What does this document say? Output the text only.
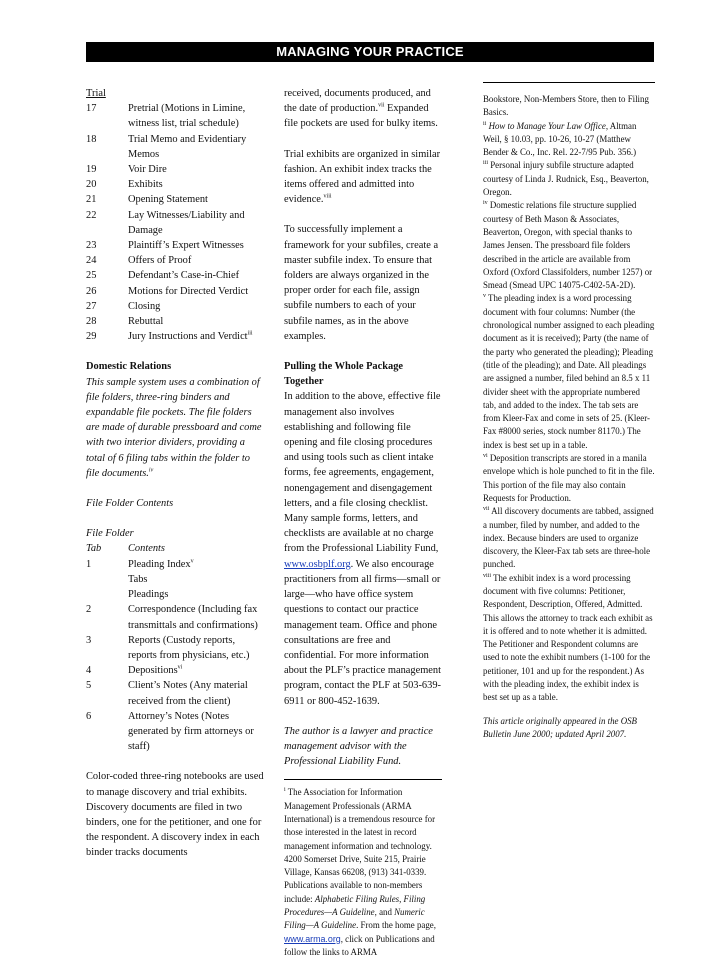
MANAGING YOUR PRACTICE
Trial
17	Pretrial (Motions in Limine, witness list, trial schedule)
18	Trial Memo and Evidentiary Memos
19	Voir Dire
20	Exhibits
21	Opening Statement
22	Lay Witnesses/Liability and Damage
23	Plaintiff’s Expert Witnesses
24	Offers of Proof
25	Defendant’s Case-in-Chief
26	Motions for Directed Verdict
27	Closing
28	Rebuttal
29	Jury Instructions and Verdict$^{iii}$
Domestic Relations
This sample system uses a combination of file folders, three-ring binders and expandable file pockets. The file folders are made of durable pressboard and come with two interior dividers, providing a total of 6 filing tabs within the folder to file documents.$^{iv}$
File Folder Contents
File Folder
Tab	Contents
1	Pleading Index$^v$
Tabs
Pleadings
2	Correspondence (Including fax transmittals and confirmations)
3	Reports (Custody reports, reports from physicians, etc.)
4	Depositions$^{vi}$
5	Client’s Notes (Any material received from the client)
6	Attorney’s Notes (Notes generated by firm attorneys or staff)

Color-coded three-ring notebooks are used to manage discovery and trial exhibits. Discovery documents are filed in two binders, one for the petitioner, and one for the respondent. A discovery index in each binder tracks documents

received, documents produced, and the date of production.$^{vii}$ Expanded file pockets are used for bulky items.

Trial exhibits are organized in similar fashion. An exhibit index tracks the items offered and admitted into evidence.$^{viii}$

To successfully implement a framework for your subfiles, create a master subfile index. To ensure that folders are always organized in the proper order for each file, assign subfile numbers to each of your subfile names, as in the above examples.

Pulling the Whole Package Together

In addition to the above, effective file management also involves establishing and following file opening and file closing procedures and using tools such as client intake forms, fee agreements, engagement, nonengagement and disengagement letters, and a file closing checklist. Many sample forms, letters, and checklists are available at no charge from the Professional Liability Fund, www.osbplf.org. We also encourage practitioners from all firms—small or large—who have office system questions to contact our practice management team. Office and phone consultations are free and confidential. For more information about the PLF’s practice management program, contact the PLF at 503-639-6911 or 800-452-1639.

The author is a lawyer and practice management advisor with the Professional Liability Fund.

$^i$ The Association for Information Management Professionals (ARMA International) is a tremendous resource for those interested in the latest in record management information and technology. 4200 Somerset Drive, Suite 215, Prairie Village, Kansas 66208, (913) 341-0339. Publications available to non-members include: Alphabetic Filing Rules, Filing Procedures—A Guideline, and Numeric Filing—A Guideline. From the home page, www.arma.org, click on Publications and follow the links to ARMA

Bookstore, Non-Members Store, then to Filing Basics.

$^{ii}$ How to Manage Your Law Office, Altman Weil, § 10.03, pp. 10-26, 10-27 (Matthew Bender & Co., Inc. Rel. 22-7/95 Pub. 356.)

$^{iii}$ Personal injury subfile structure adapted courtesy of Linda J. Rudnick, Esq., Beaverton, Oregon.

$^{iv}$ Domestic relations file structure supplied courtesy of Beth Mason & Associates, Beaverton, Oregon, with special thanks to James Jensen. The pressboard file folders described in the article are available from Oxford (Oxford Classifolders, number 1257) or Smead (Smead UPC 14075-C402-5A-2D).

$^v$ The pleading index is a word processing document with four columns: Number (the chronological number assigned to each pleading document as it is received); Party (the name of the party who generated the pleading); Pleading (title of the pleading); and Date. All pleadings are assigned a number, filed behind an 8.5 x 11 divider sheet with the appropriate numbered tab, and added to the index. The tab sets are from Kleer-Fax and come in sets of 25. (Kleer-Fax #8000 series, stock number 81170.) The index is best set up in a table.

$^{vi}$ Deposition transcripts are stored in a manila envelope which is hole punched to fit in the file. This portion of the file may also contain Requests for Production.

$^{vii}$ All discovery documents are tabbed, assigned a number, filed by number, and added to the index. Because binders are used to organize discovery, the Kleer-Fax tab sets are three-hole punched.

$^{viii}$ The exhibit index is a word processing document with five columns: Petitioner, Respondent, Description, Offered, Admitted. This allows the attorney to track each exhibit as it is offered and to note whether it is admitted. The Petitioner and Respondent columns are used to note the exhibit numbers (1-100 for the petitioner, 101 and up for the respondent.) As with the pleading index, the exhibit index is best set up as a table.

This article originally appeared in the OSB Bulletin June 2000; updated April 2007.
